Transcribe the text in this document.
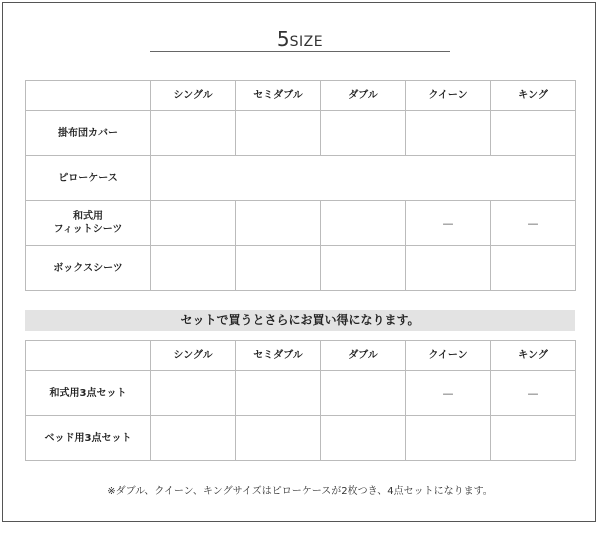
5SIZE
	シングル	セミダブル	ダブル	クイーン	キング
掛布団カバー					
ピローケース					
和式用
フィットシーツ				—	—
ボックスシーツ					
セットで買うとさらにお買い得になります。
	シングル	セミダブル	ダブル	クイーン	キング
和式用3点セット				—	—
ベッド用3点セット					
※ダブル、クイーン、キングサイズはピローケースが2枚つき、4点セットになります。
